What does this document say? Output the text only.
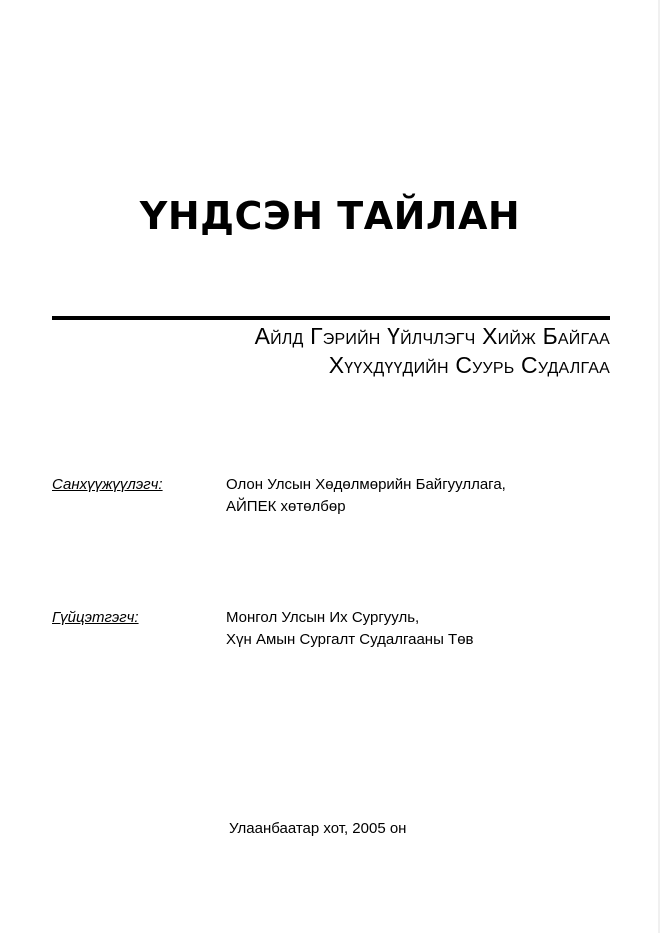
ҮНДСЭН ТАЙЛАН
Айлд Гэрийн Үйлчлэгч Хийж Байгаа
Хүүхдүүдийн Суурь Судалгаа
Санхүүжүүлэгч:	Олон Улсын Хөдөлмөрийн Байгууллага,
АЙПЕК хөтөлбөр
Гүйцэтгэгч:	Монгол Улсын Их Сургууль,
Хүн Амын Сургалт Судалгааны Төв
Улаанбаатар хот, 2005 он
